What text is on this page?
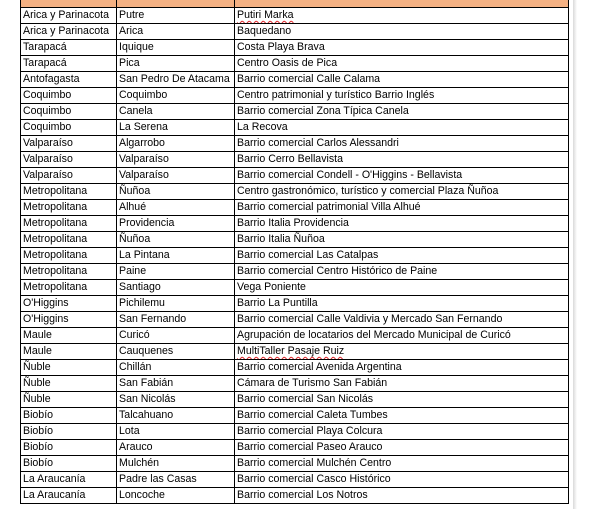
Arica y Parinacota	Putre	Putiri Marka
Arica y Parinacota	Arica	Baquedano
Tarapacá	Iquique	Costa Playa Brava
Tarapacá	Pica	Centro Oasis de Pica
Antofagasta	San Pedro De Atacama	Barrio comercial Calle Calama
Coquimbo	Coquimbo	Centro patrimonial y turístico Barrio Inglés
Coquimbo	Canela	Barrio comercial Zona Típica Canela
Coquimbo	La Serena	La Recova
Valparaíso	Algarrobo	Barrio comercial Carlos Alessandri
Valparaíso	Valparaíso	Barrio Cerro Bellavista
Valparaíso	Valparaíso	Barrio comercial Condell - O'Higgins - Bellavista
Metropolitana	Ñuñoa	Centro gastronómico, turístico y comercial Plaza Ñuñoa
Metropolitana	Alhué	Barrio comercial patrimonial Villa Alhué
Metropolitana	Providencia	Barrio Italia Providencia
Metropolitana	Ñuñoa	Barrio Italia Ñuñoa
Metropolitana	La Pintana	Barrio comercial Las Catalpas
Metropolitana	Paine	Barrio comercial Centro Histórico de Paine
Metropolitana	Santiago	Vega Poniente
O'Higgins	Pichilemu	Barrio La Puntilla
O'Higgins	San Fernando	Barrio comercial Calle Valdivia y Mercado San Fernando
Maule	Curicó	Agrupación de locatarios del Mercado Municipal de Curicó
Maule	Cauquenes	MultiTaller Pasaje Ruiz
Ñuble	Chillán	Barrio comercial Avenida Argentina
Ñuble	San Fabián	Cámara de Turismo San Fabián
Ñuble	San Nicolás	Barrio comercial San Nicolás
Biobío	Talcahuano	Barrio comercial Caleta Tumbes
Biobío	Lota	Barrio comercial Playa Colcura
Biobío	Arauco	Barrio comercial Paseo Arauco
Biobío	Mulchén	Barrio comercial Mulchén Centro
La Araucanía	Padre las Casas	Barrio comercial Casco Histórico
La Araucanía	Loncoche	Barrio comercial Los Notros
